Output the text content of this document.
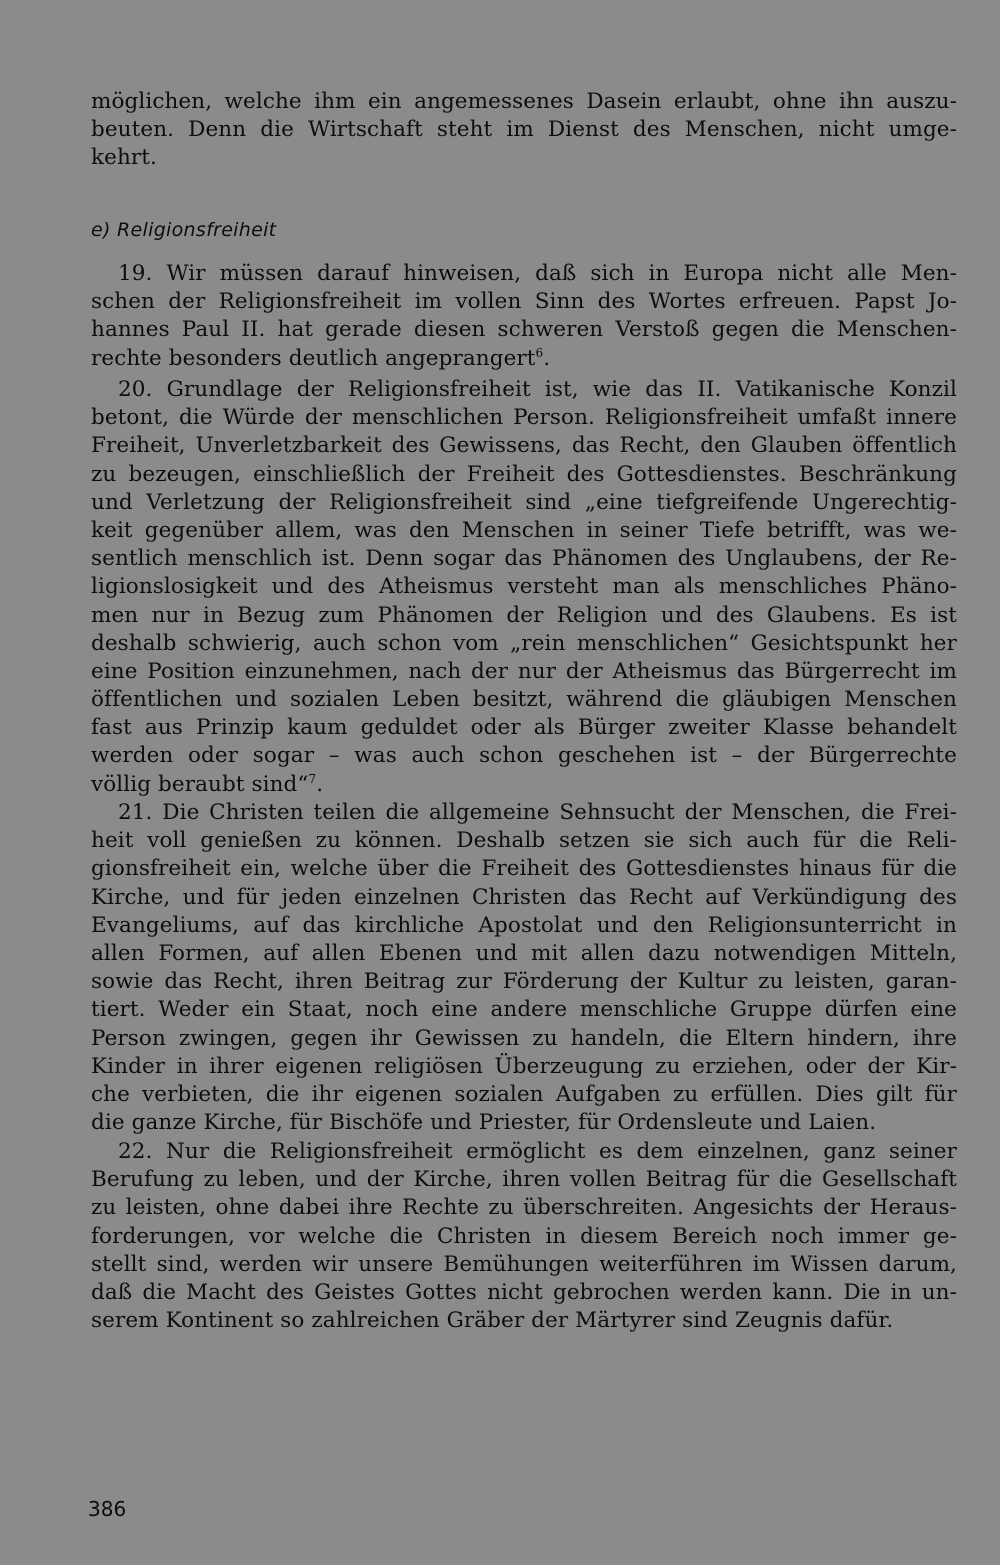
möglichen, welche ihm ein angemessenes Dasein erlaubt, ohne ihn auszu-
beuten. Denn die Wirtschaft steht im Dienst des Menschen, nicht umge-
kehrt.
e) Religionsfreiheit
19. Wir müssen darauf hinweisen, daß sich in Europa nicht alle Men-
schen der Religionsfreiheit im vollen Sinn des Wortes erfreuen. Papst Jo-
hannes Paul II. hat gerade diesen schweren Verstoß gegen die Menschen-
rechte besonders deutlich angeprangert$^6$.
20. Grundlage der Religionsfreiheit ist, wie das II. Vatikanische Konzil
betont, die Würde der menschlichen Person. Religionsfreiheit umfaßt innere
Freiheit, Unverletzbarkeit des Gewissens, das Recht, den Glauben öffentlich
zu bezeugen, einschließlich der Freiheit des Gottesdienstes. Beschränkung
und Verletzung der Religionsfreiheit sind „eine tiefgreifende Ungerechtig-
keit gegenüber allem, was den Menschen in seiner Tiefe betrifft, was we-
sentlich menschlich ist. Denn sogar das Phänomen des Unglaubens, der Re-
ligionslosigkeit und des Atheismus versteht man als menschliches Phäno-
men nur in Bezug zum Phänomen der Religion und des Glaubens. Es ist
deshalb schwierig, auch schon vom „rein menschlichen“ Gesichtspunkt her
eine Position einzunehmen, nach der nur der Atheismus das Bürgerrecht im
öffentlichen und sozialen Leben besitzt, während die gläubigen Menschen
fast aus Prinzip kaum geduldet oder als Bürger zweiter Klasse behandelt
werden oder sogar – was auch schon geschehen ist – der Bürgerrechte
völlig beraubt sind“$^7$.
21. Die Christen teilen die allgemeine Sehnsucht der Menschen, die Frei-
heit voll genießen zu können. Deshalb setzen sie sich auch für die Reli-
gionsfreiheit ein, welche über die Freiheit des Gottesdienstes hinaus für die
Kirche, und für jeden einzelnen Christen das Recht auf Verkündigung des
Evangeliums, auf das kirchliche Apostolat und den Religionsunterricht in
allen Formen, auf allen Ebenen und mit allen dazu notwendigen Mitteln,
sowie das Recht, ihren Beitrag zur Förderung der Kultur zu leisten, garan-
tiert. Weder ein Staat, noch eine andere menschliche Gruppe dürfen eine
Person zwingen, gegen ihr Gewissen zu handeln, die Eltern hindern, ihre
Kinder in ihrer eigenen religiösen Überzeugung zu erziehen, oder der Kir-
che verbieten, die ihr eigenen sozialen Aufgaben zu erfüllen. Dies gilt für
die ganze Kirche, für Bischöfe und Priester, für Ordensleute und Laien.
22. Nur die Religionsfreiheit ermöglicht es dem einzelnen, ganz seiner
Berufung zu leben, und der Kirche, ihren vollen Beitrag für die Gesellschaft
zu leisten, ohne dabei ihre Rechte zu überschreiten. Angesichts der Heraus-
forderungen, vor welche die Christen in diesem Bereich noch immer ge-
stellt sind, werden wir unsere Bemühungen weiterführen im Wissen darum,
daß die Macht des Geistes Gottes nicht gebrochen werden kann. Die in un-
serem Kontinent so zahlreichen Gräber der Märtyrer sind Zeugnis dafür.
386
